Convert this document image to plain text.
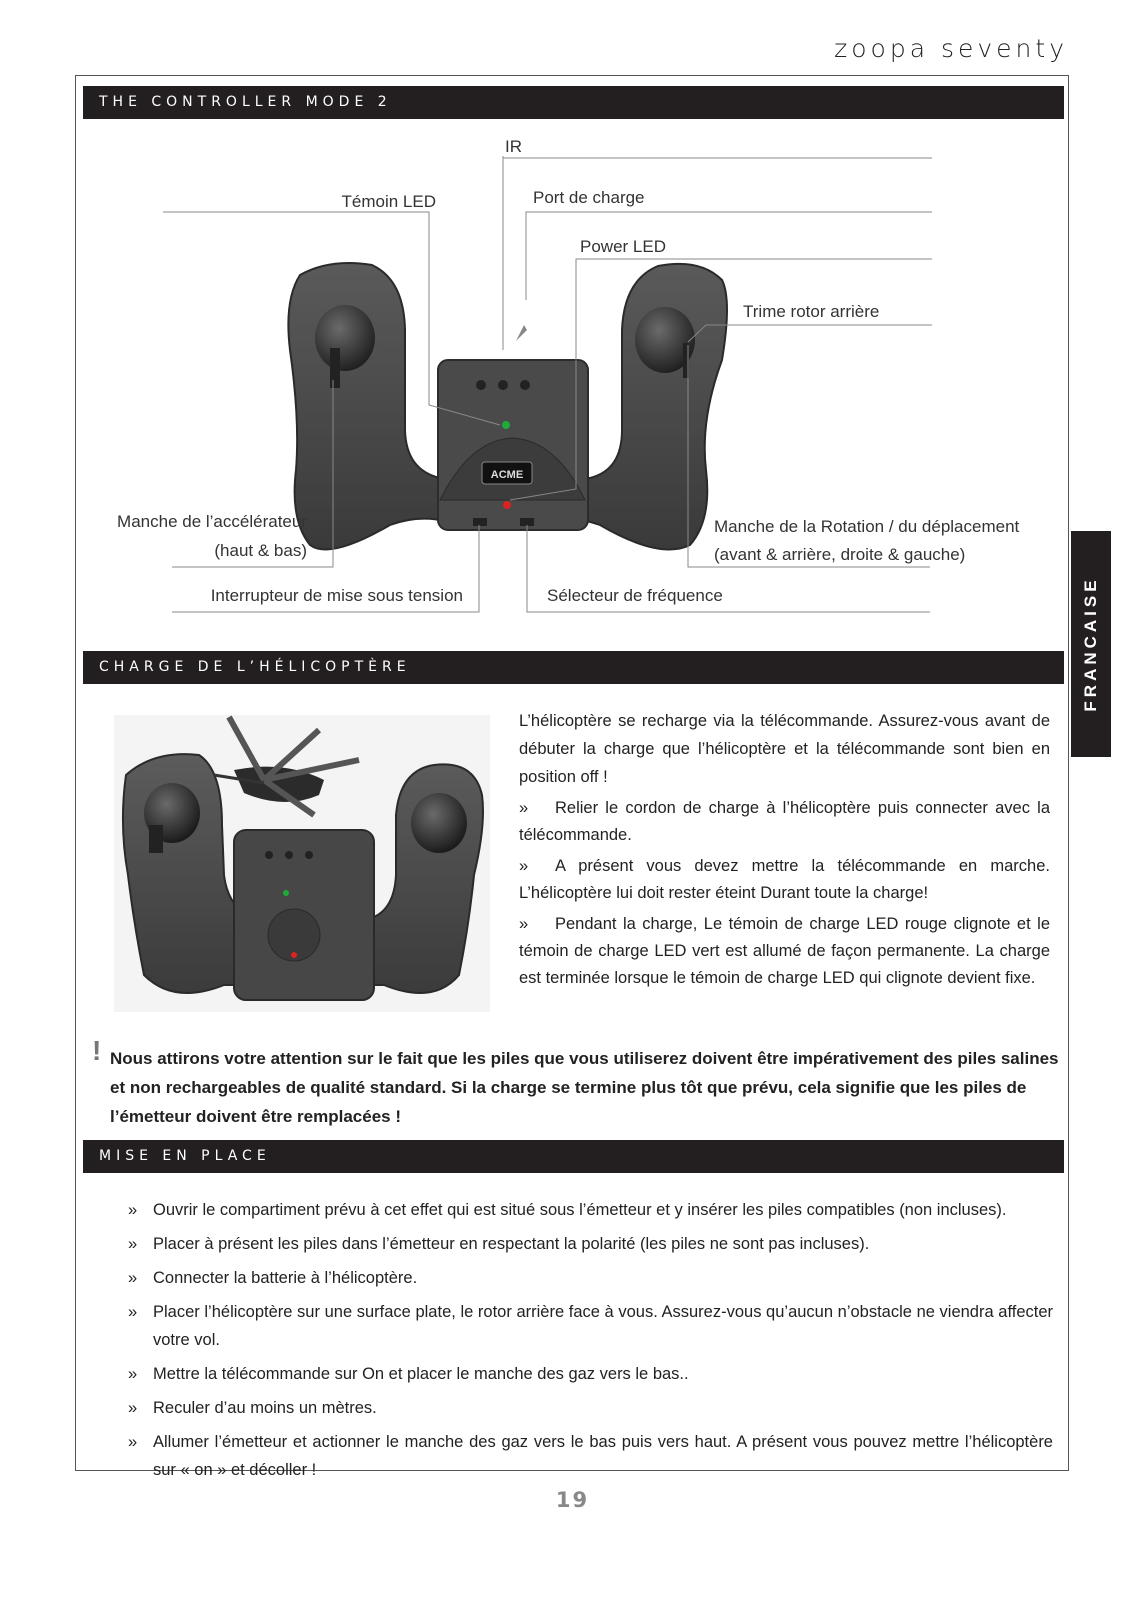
zoopa seventy
FRANCAISE
THE CONTROLLER MODE 2
CHARGE DE L’HÉLICOPTÈRE
MISE EN PLACE
ACME
IR
Témoin LED	Port de charge
Power LED
Trime rotor arrière
Manche de l’accélérateur
(haut & bas)
Manche de la Rotation / du déplacement
(avant & arrière, droite & gauche)
Interrupteur de mise sous tension	Sélecteur de fréquence

L’hélicoptère se recharge via la télécommande. Assurez-vous avant de débuter la charge que l’hélicoptère et la télécommande sont bien en position off !

» Relier le cordon de charge à l’hélicoptère puis connecter avec la télécommande.
» A présent vous devez mettre la télécommande en marche. L’hélicoptère lui doit rester éteint Durant toute la charge!
» Pendant la charge, Le témoin de charge LED rouge clignote et le témoin de charge LED vert est allumé de façon permanente. La charge est terminée lorsque le témoin de charge LED qui clignote devient fixe.
! Nous attirons votre attention sur le fait que les piles que vous utiliserez doivent être impérativement des piles salines et non rechargeables de qualité standard. Si la charge se termine plus tôt que prévu, cela signifie que les piles de l’émetteur doivent être remplacées !
» Ouvrir le compartiment prévu à cet effet qui est situé sous l’émetteur et y insérer les piles compatibles (non incluses).
» Placer à présent les piles dans l’émetteur en respectant la polarité (les piles ne sont pas incluses).
» Connecter la batterie à l’hélicoptère.
» Placer l’hélicoptère sur une surface plate, le rotor arrière face à vous. Assurez-vous qu’aucun n’obstacle ne viendra affecter votre vol.
» Mettre la télécommande sur On et placer le manche des gaz vers le bas..
» Reculer d’au moins un mètres.
» Allumer l’émetteur et actionner le manche des gaz vers le bas puis vers haut. A présent vous pouvez mettre l’hélicoptère sur « on » et décoller !
19
